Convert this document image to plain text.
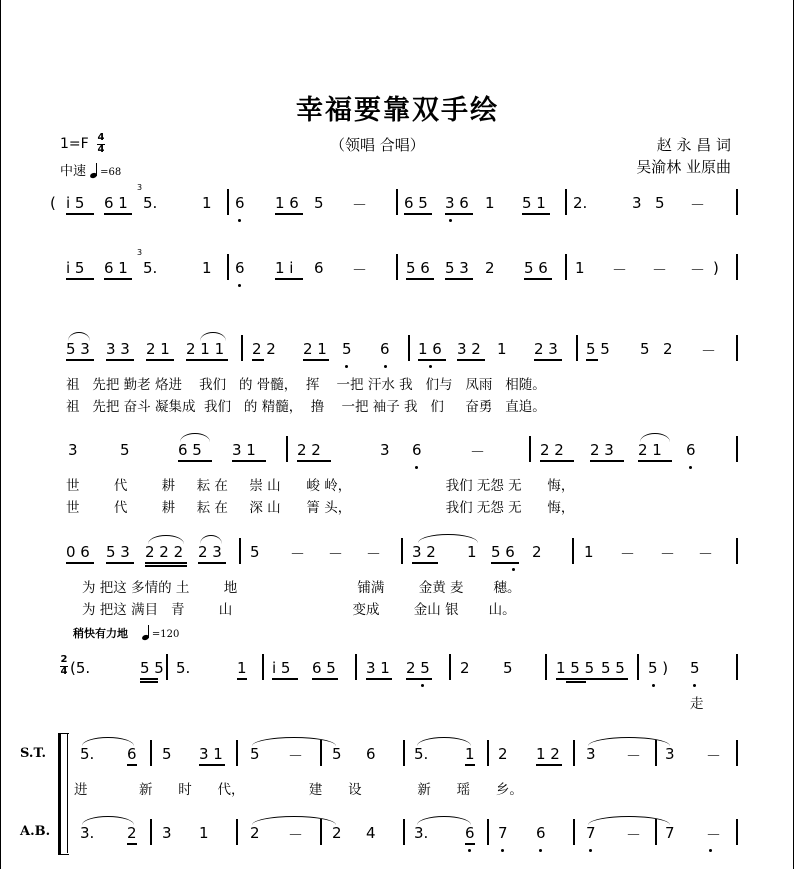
幸福要靠双手绘
（领唱 合唱）
1=F 4
4
中速 =68
赵 永 昌 词
吴渝林 业原曲
( i 5 6 1 5.	1 6 1 6 5 － 6 5 3 6 1 5 1 2.	3 5 －
3
i 5 6 1 5.	1 6 1 i 6 －	5 6 5 3 2 5 6 1 － － － )
3
5 3 3 3 2 1 2 1 1 2 2 2 1 5 6 1 6 3 2 1 2 3 5 5 5 2 －
祖   先把 勤老 烙进    我们   的 骨髓，  挥    一把 汗水 我   们与   凤雨   相随。
祖   先把 奋斗 凝集成  我们   的 精髓，  撸    一把 袖子 我   们     奋勇   直追。
3	5	6 5 3 1	2 2	3 6	－	2 2 2 3 2 1 6
世        代        耕     耘 在     崇 山      峻 岭，                      我们 无怨 无      悔，
世        代        耕     耘 在     深 山      箐 头，                      我们 无怨 无      悔，
0 6 5 3 2 2 2 2 3 5 － － － 3 2 1 5 6 2	1 － － －
为 把这 多情的 土        地                            铺满        金黄 麦       穗。
为 把这 满目   青        山                            变成        金山 银       山。
稍快有力地 =120
2
4 (5.	5 5 5.	1 i 5 6 5 3 1 2 5 2 5	1 5 5 5 5 5 ) 5
走
S.T.
A.B.
5. 6 5 3 1 5 － 5 6	5. 1 2 1 2 3 － 3 －
进            新      时      代，               建      设             新      瑶      乡。
3. 2 3 1	2 － 2 4	3. 6 7 6	7 － 7 －
